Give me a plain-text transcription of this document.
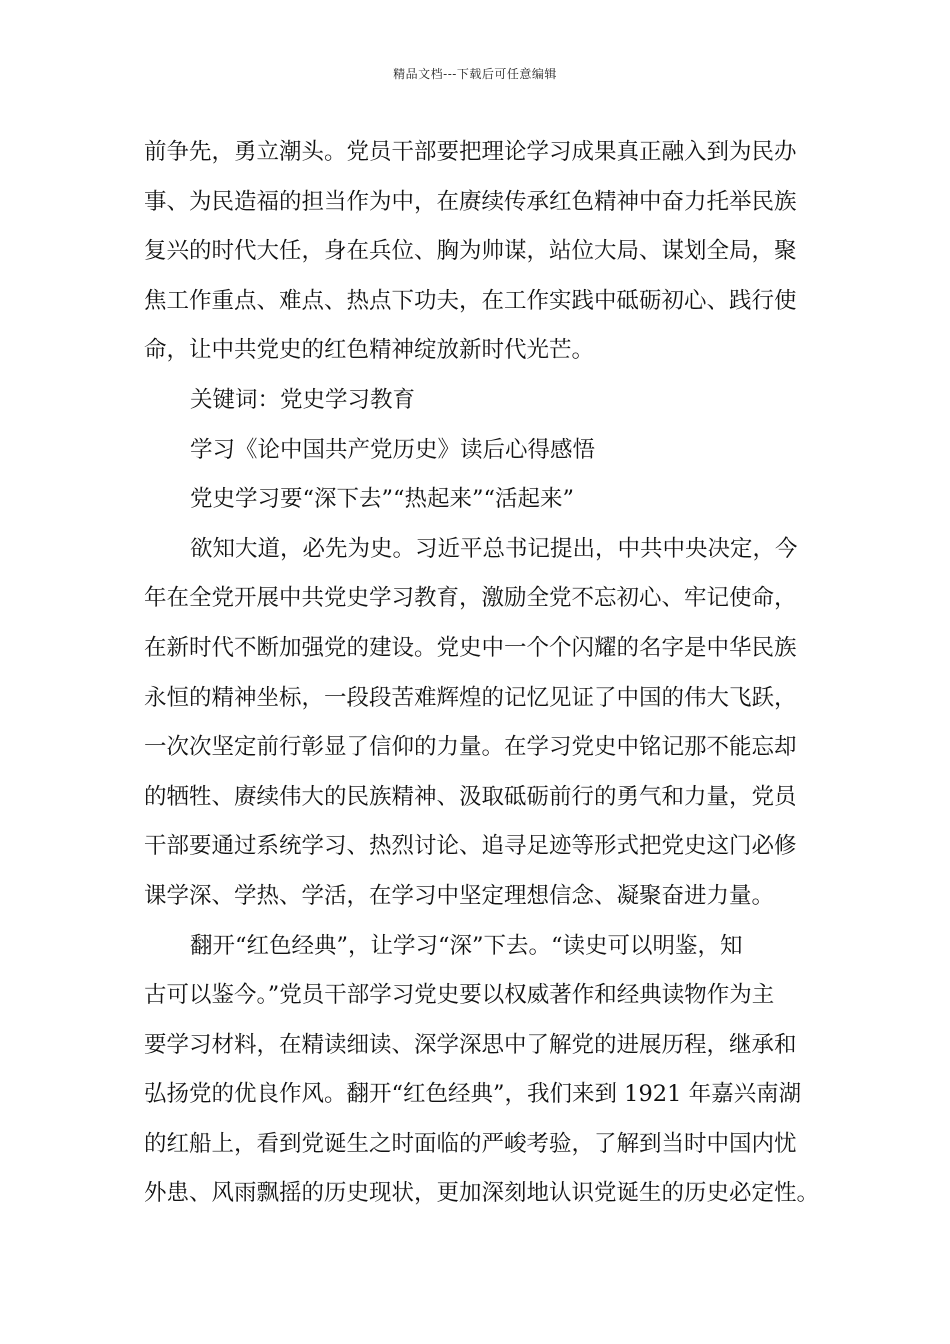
精品文档---下载后可任意编辑
前争先，勇立潮头。党员干部要把理论学习成果真正融入到为民办
事、为民造福的担当作为中，在赓续传承红色精神中奋力托举民族
复兴的时代大任，身在兵位、胸为帅谋，站位大局、谋划全局，聚
焦工作重点、难点、热点下功夫，在工作实践中砥砺初心、践行使
命，让中共党史的红色精神绽放新时代光芒。
关键词：党史学习教育
学习《论中国共产党历史》读后心得感悟
党史学习要“深下去”“热起来”“活起来”
欲知大道，必先为史。习近平总书记提出，中共中央决定，今
年在全党开展中共党史学习教育，激励全党不忘初心、牢记使命，
在新时代不断加强党的建设。党史中一个个闪耀的名字是中华民族
永恒的精神坐标，一段段苦难辉煌的记忆见证了中国的伟大飞跃，
一次次坚定前行彰显了信仰的力量。在学习党史中铭记那不能忘却
的牺牲、赓续伟大的民族精神、汲取砥砺前行的勇气和力量，党员
干部要通过系统学习、热烈讨论、追寻足迹等形式把党史这门必修
课学深、学热、学活，在学习中坚定理想信念、凝聚奋进力量。
翻开“红色经典”，让学习“深”下去。“读史可以明鉴，知
古可以鉴今。”党员干部学习党史要以权威著作和经典读物作为主
要学习材料，在精读细读、深学深思中了解党的进展历程，继承和
弘扬党的优良作风。翻开“红色经典”，我们来到 1921 年嘉兴南湖
的红船上，看到党诞生之时面临的严峻考验，了解到当时中国内忧
外患、风雨飘摇的历史现状，更加深刻地认识党诞生的历史必定性。
